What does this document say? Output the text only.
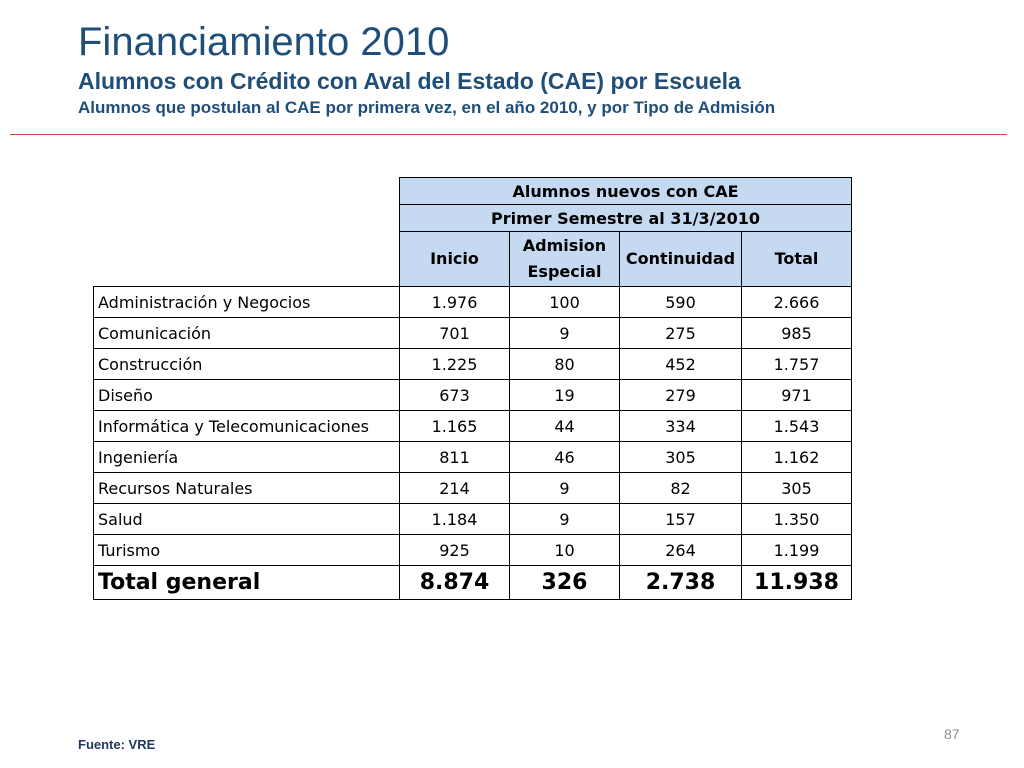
Financiamiento 2010
Alumnos con Crédito con Aval del Estado (CAE) por Escuela
Alumnos que postulan al CAE por primera vez, en el año 2010, y por Tipo de Admisión
	Alumnos nuevos con CAE			
	Primer Semestre al 31/3/2010			
	Inicio	Admision Especial	Continuidad	Total
Administración y Negocios	1.976	100	590	2.666
Comunicación	701	9	275	985
Construcción	1.225	80	452	1.757
Diseño	673	19	279	971
Informática y Telecomunicaciones	1.165	44	334	1.543
Ingeniería	811	46	305	1.162
Recursos Naturales	214	9	82	305
Salud	1.184	9	157	1.350
Turismo	925	10	264	1.199
Total general	8.874	326	2.738	11.938
Fuente: VRE
87
